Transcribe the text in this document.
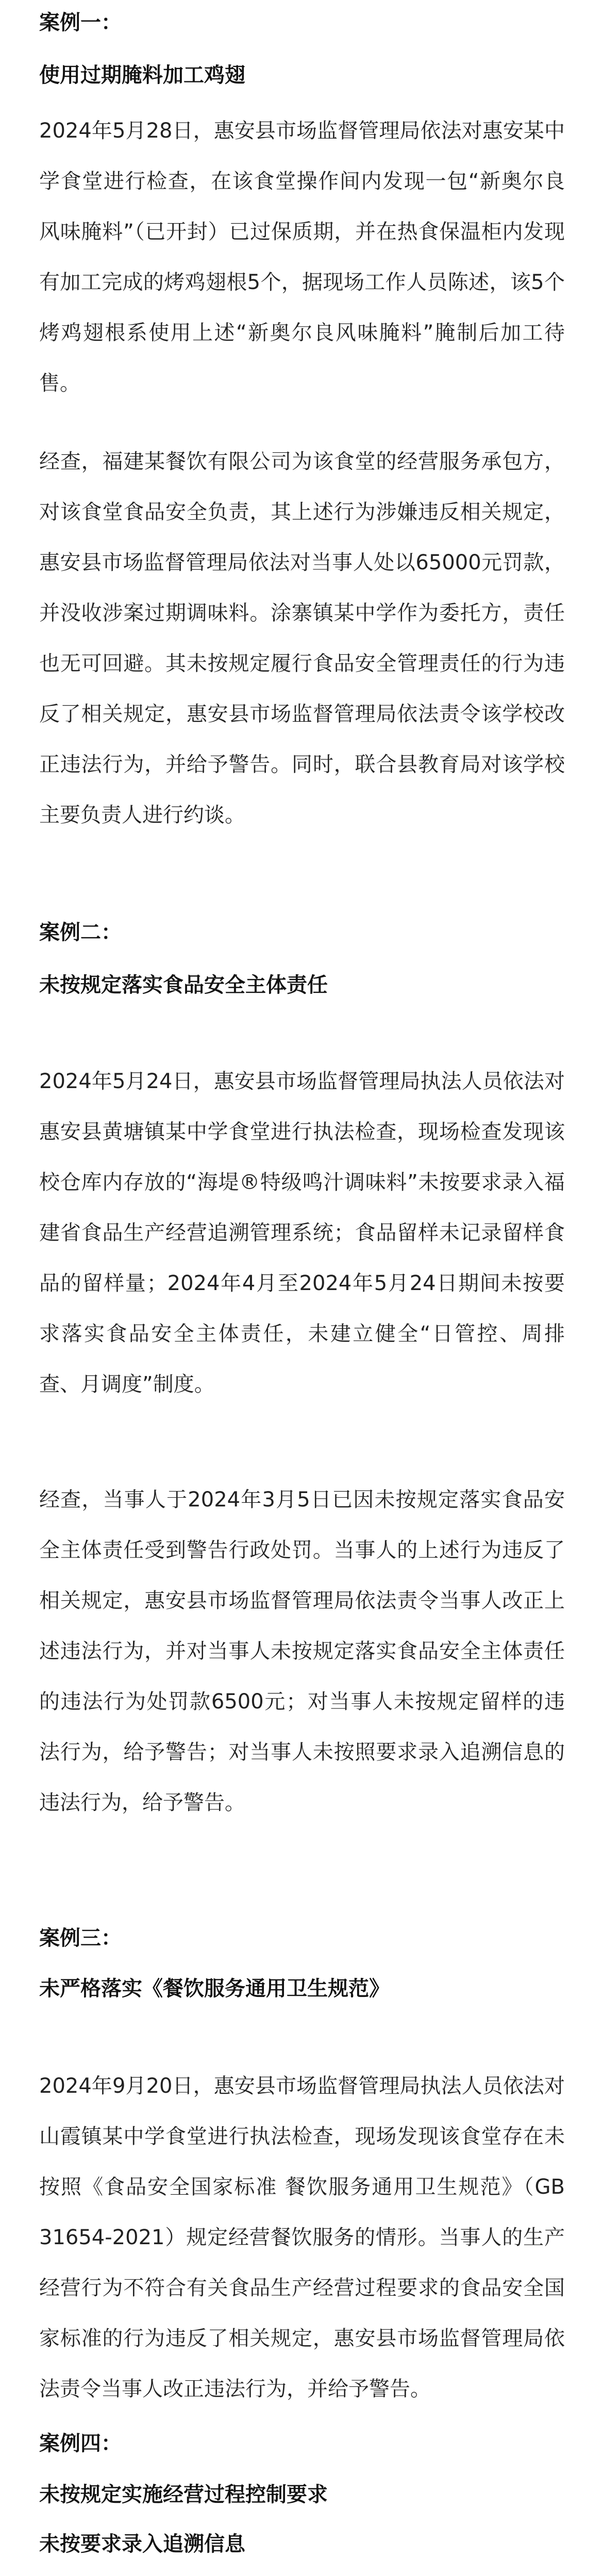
案例一：

使用过期腌料加工鸡翅

2024年5月28日，惠安县市场监督管理局依法对惠安某中学食堂进行检查，在该食堂操作间内发现一包“新奥尔良风味腌料”（已开封）已过保质期，并在热食保温柜内发现有加工完成的烤鸡翅根5个，据现场工作人员陈述，该5个烤鸡翅根系使用上述“新奥尔良风味腌料”腌制后加工待售。

经查，福建某餐饮有限公司为该食堂的经营服务承包方，对该食堂食品安全负责，其上述行为涉嫌违反相关规定，惠安县市场监督管理局依法对当事人处以65000元罚款，并没收涉案过期调味料。涂寨镇某中学作为委托方，责任也无可回避。其未按规定履行食品安全管理责任的行为违反了相关规定，惠安县市场监督管理局依法责令该学校改正违法行为，并给予警告。同时，联合县教育局对该学校主要负责人进行约谈。

案例二：

未按规定落实食品安全主体责任

2024年5月24日，惠安县市场监督管理局执法人员依法对惠安县黄塘镇某中学食堂进行执法检查，现场检查发现该校仓库内存放的“海堤®特级鸣汁调味料”未按要求录入福建省食品生产经营追溯管理系统；食品留样未记录留样食品的留样量；2024年4月至2024年5月24日期间未按要求落实食品安全主体责任，未建立健全“日管控、周排查、月调度”制度。

经查，当事人于2024年3月5日已因未按规定落实食品安全主体责任受到警告行政处罚。当事人的上述行为违反了相关规定，惠安县市场监督管理局依法责令当事人改正上述违法行为，并对当事人未按规定落实食品安全主体责任的违法行为处罚款6500元；对当事人未按规定留样的违法行为，给予警告；对当事人未按照要求录入追溯信息的违法行为，给予警告。

案例三：

未严格落实《餐饮服务通用卫生规范》

2024年9月20日，惠安县市场监督管理局执法人员依法对山霞镇某中学食堂进行执法检查，现场发现该食堂存在未按照《食品安全国家标准 餐饮服务通用卫生规范》（GB 31654-2021）规定经营餐饮服务的情形。当事人的生产经营行为不符合有关食品生产经营过程要求的食品安全国家标准的行为违反了相关规定，惠安县市场监督管理局依法责令当事人改正违法行为，并给予警告。

案例四：

未按规定实施经营过程控制要求

未按要求录入追溯信息
